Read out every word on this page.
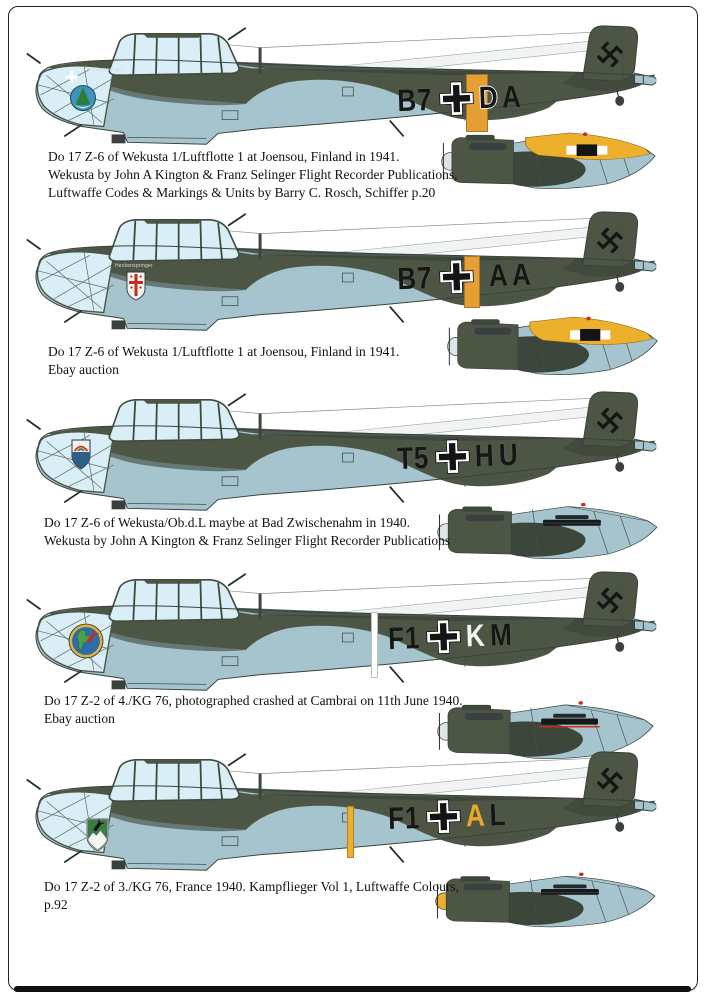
B7 D A
Heckenspringer
Do 17 Z-6 of Wekusta 1/Luftflotte 1 at Joensou, Finland in 1941.
Wekusta by John A Kington & Franz Selinger Flight Recorder Publications,
Luftwaffe Codes & Markings & Units by Barry C. Rosch, Schiffer p.20
B7 A A
Heckenspringer
Do 17 Z-6 of Wekusta 1/Luftflotte 1 at Joensou, Finland in 1941.
Ebay auction
T5 H U
Do 17 Z-6 of Wekusta/Ob.d.L maybe at Bad Zwischenahm in 1940.
Wekusta by John A Kington & Franz Selinger Flight Recorder Publications
F1 K M
Do 17 Z-2 of 4./KG 76, photographed crashed at Cambrai on 11th June 1940.
Ebay auction
F1 A L
Do 17 Z-2 of 3./KG 76, France 1940. Kampflieger Vol 1, Luftwaffe Colours,
p.92
